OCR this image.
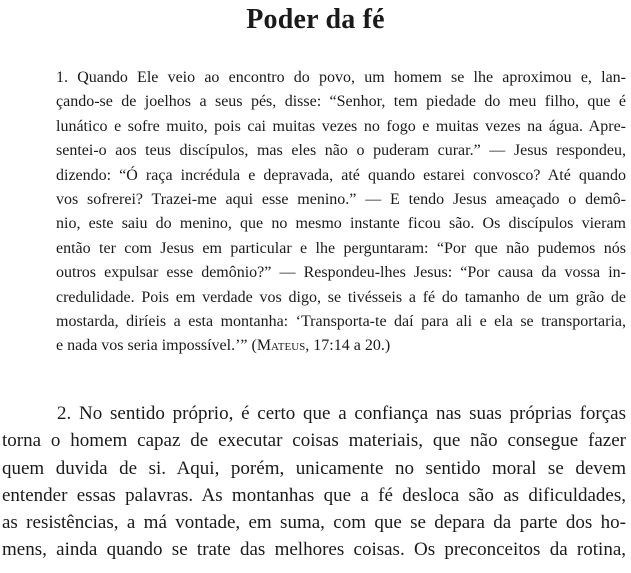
Poder da fé
1. Quando Ele veio ao encontro do povo, um homem se lhe aproximou e, lan-
çando-se de joelhos a seus pés, disse: “Senhor, tem piedade do meu filho, que é
lunático e sofre muito, pois cai muitas vezes no fogo e muitas vezes na água. Apre-
sentei-o aos teus discípulos, mas eles não o puderam curar.” — Jesus respondeu,
dizendo: “Ó raça incrédula e depravada, até quando estarei convosco? Até quando
vos sofrerei? Trazei-me aqui esse menino.” — E tendo Jesus ameaçado o demô-
nio, este saiu do menino, que no mesmo instante ficou são. Os discípulos vieram
então ter com Jesus em particular e lhe perguntaram: “Por que não pudemos nós
outros expulsar esse demônio?” — Respondeu-lhes Jesus: “Por causa da vossa in-
credulidade. Pois em verdade vos digo, se tivésseis a fé do tamanho de um grão de
mostarda, diríeis a esta montanha: ‘Transporta-te daí para ali e ela se transportaria,
e nada vos seria impossível.’” (Mateus, 17:14 a 20.)
2. No sentido próprio, é certo que a confiança nas suas próprias forças
torna o homem capaz de executar coisas materiais, que não consegue fazer
quem duvida de si. Aqui, porém, unicamente no sentido moral se devem
entender essas palavras. As montanhas que a fé desloca são as dificuldades,
as resistências, a má vontade, em suma, com que se depara da parte dos ho-
mens, ainda quando se trate das melhores coisas. Os preconceitos da rotina,
